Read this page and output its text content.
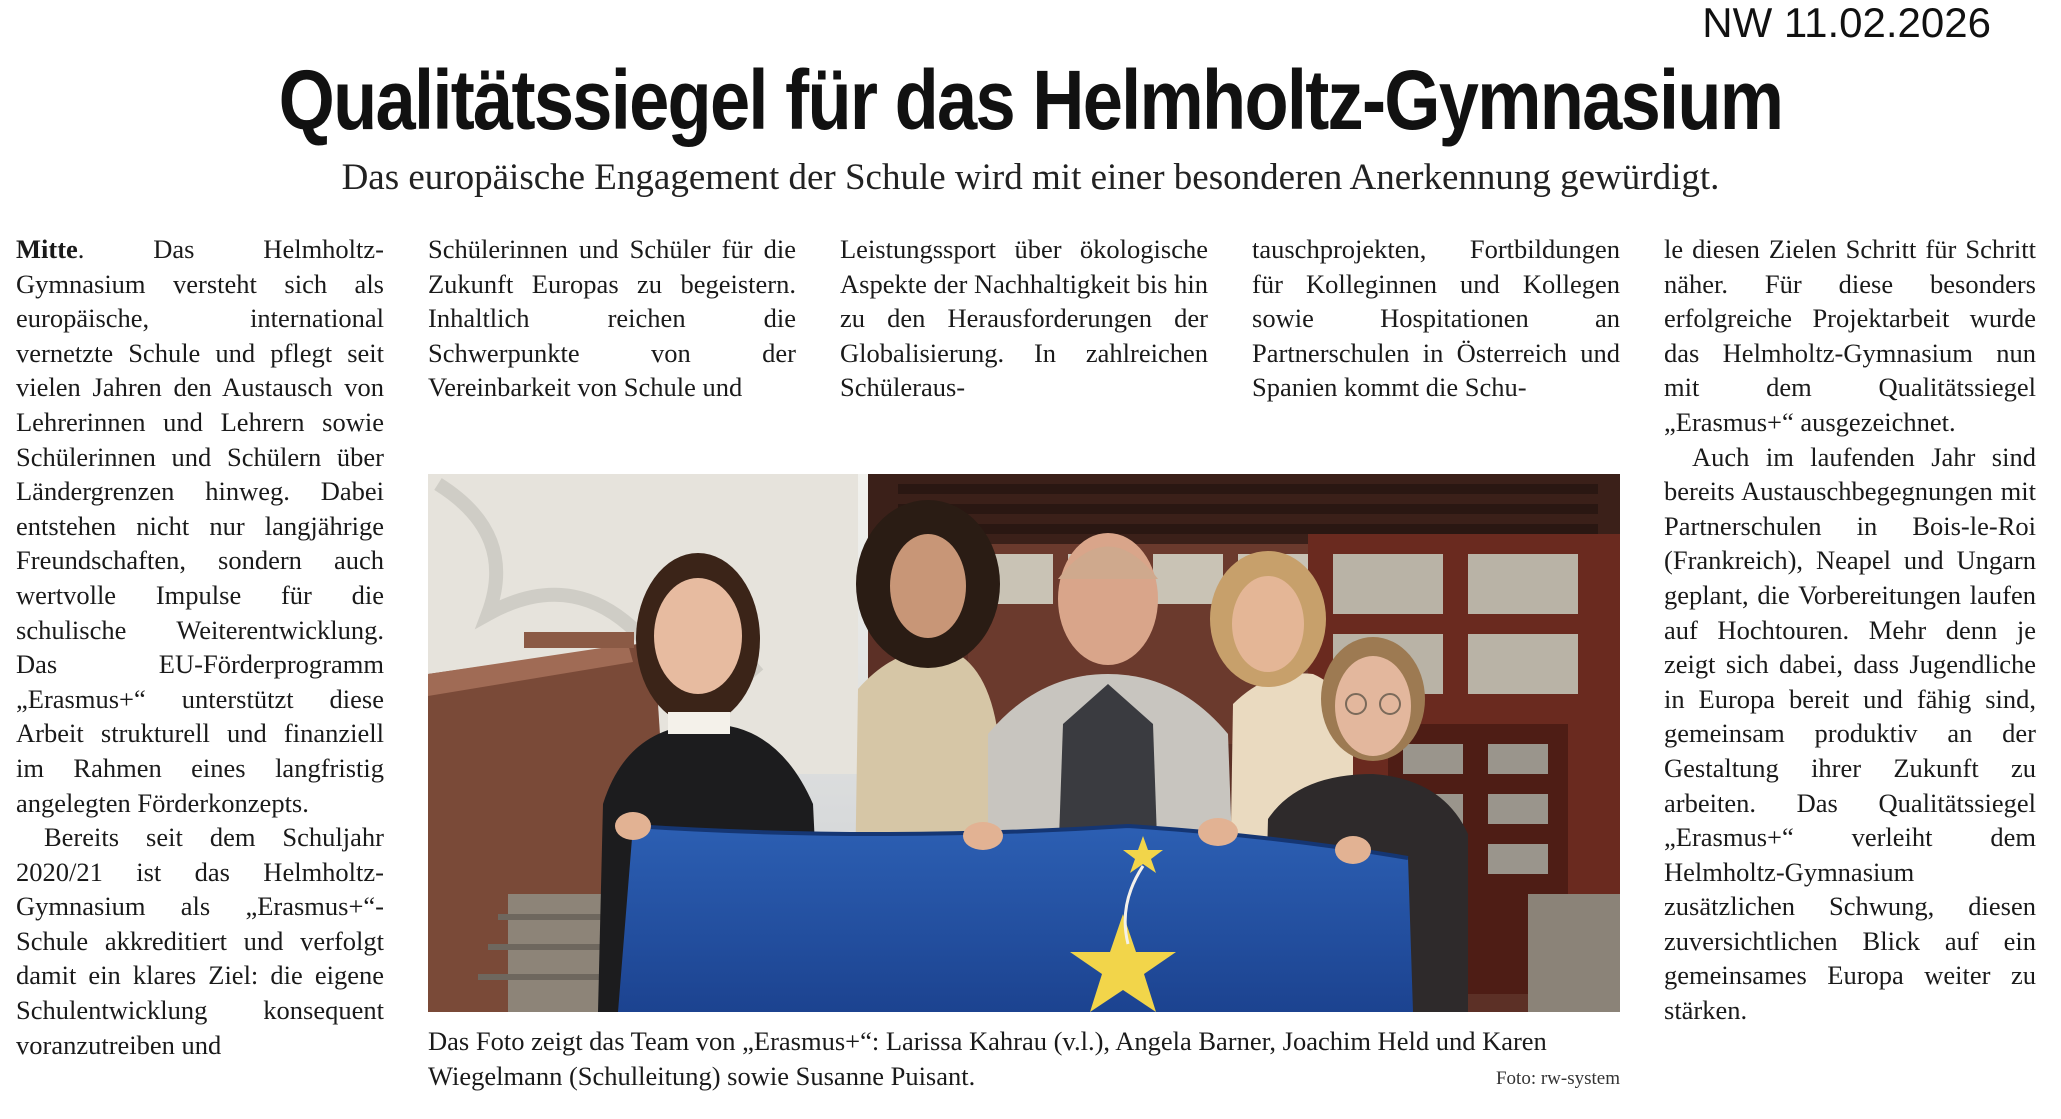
NW 11.02.2026
Qualitätssiegel für das Helmholtz-Gymnasium
Das europäische Engagement der Schule wird mit einer besonderen Anerkennung gewürdigt.

Mitte. Das Helmholtz-Gymnasium versteht sich als europäische, international vernetzte Schule und pflegt seit vielen Jahren den Austausch von Lehrerinnen und Lehrern sowie Schülerinnen und Schülern über Ländergrenzen hinweg. Dabei entstehen nicht nur langjährige Freundschaften, sondern auch wertvolle Impulse für die schulische Weiterentwicklung. Das EU-Förderprogramm „Erasmus+“ unterstützt diese Arbeit strukturell und finanziell im Rahmen eines langfristig angelegten Förderkonzepts.

Bereits seit dem Schuljahr 2020/21 ist das Helmholtz-Gymnasium als „Erasmus+“-Schule akkreditiert und verfolgt damit ein klares Ziel: die eigene Schulentwicklung konsequent voranzutreiben und

Schülerinnen und Schüler für die Zukunft Europas zu begeistern. Inhaltlich reichen die Schwerpunkte von der Vereinbarkeit von Schule und

Leistungssport über ökologische Aspekte der Nachhaltigkeit bis hin zu den Herausforderungen der Globalisierung. In zahlreichen Schüleraus-

tauschprojekten, Fortbildungen für Kolleginnen und Kollegen sowie Hospitationen an Partnerschulen in Österreich und Spanien kommt die Schu-

le diesen Zielen Schritt für Schritt näher. Für diese besonders erfolgreiche Projektarbeit wurde das Helmholtz-Gymnasium nun mit dem Qualitätssiegel „Erasmus+“ ausgezeichnet.

Auch im laufenden Jahr sind bereits Austauschbegegnungen mit Partnerschulen in Bois-le-Roi (Frankreich), Neapel und Ungarn geplant, die Vorbereitungen laufen auf Hochtouren. Mehr denn je zeigt sich dabei, dass Jugendliche in Europa bereit und fähig sind, gemeinsam produktiv an der Gestaltung ihrer Zukunft zu arbeiten. Das Qualitätssiegel „Erasmus+“ verleiht dem Helmholtz-Gymnasium zusätzlichen Schwung, diesen zuversichtlichen Blick auf ein gemeinsames Europa weiter zu stärken.

Das Foto zeigt das Team von „Erasmus+“: Larissa Kahrau (v.l.), Angela Barner, Joachim Held und Karen Wiegelmann (Schulleitung) sowie Susanne Puisant.	Foto: rw-system
